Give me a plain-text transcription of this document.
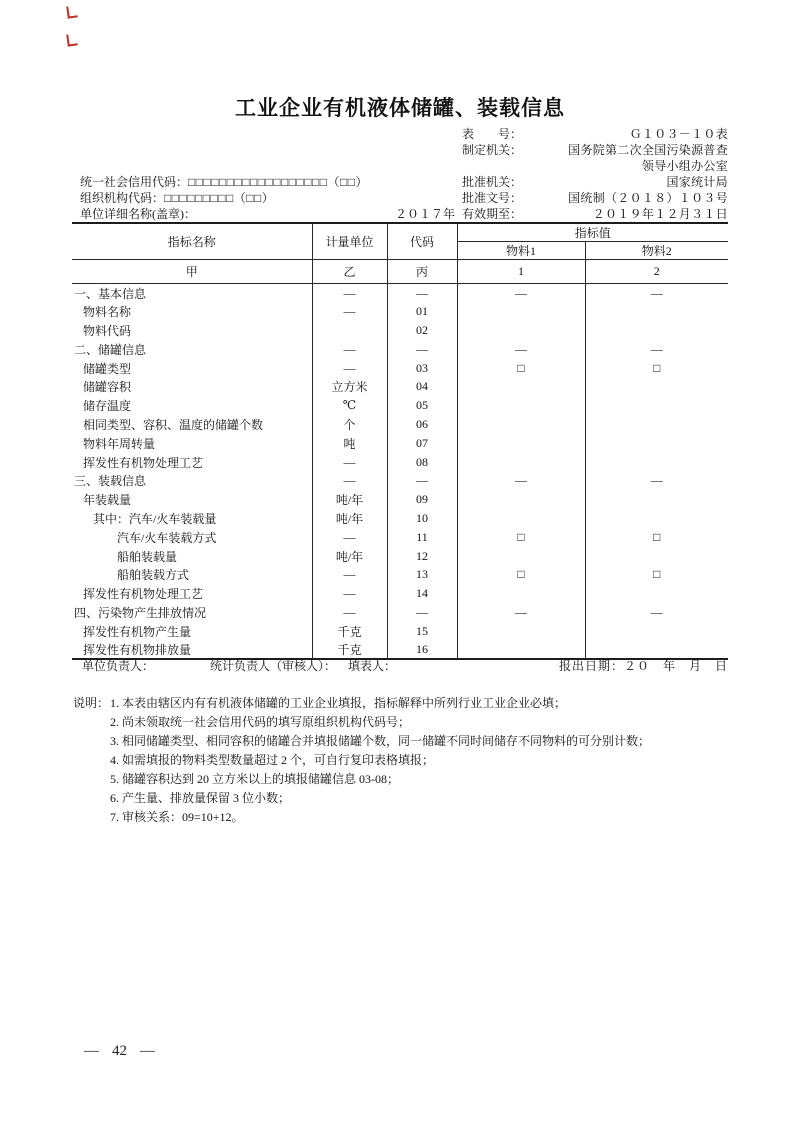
工业企业有机液体储罐、装载信息
表　　号：	Ｇ１０３－１０表
制定机关：	国务院第二次全国污染源普查
领导小组办公室
批准机关：	国家统计局
批准文号：	国统制（２０１８）１０３号
有效期至：	２０１９年１２月３１日
统一社会信用代码：□□□□□□□□□□□□□□□□□□（□□）
组织机构代码：□□□□□□□□□（□□）
单位详细名称(盖章)：	２０１７年
指标名称	计量单位	代码	指标值	
			物料1	物料2
甲	乙	丙	1	2
一、基本信息	—	—	—	—
物料名称	—	01		
物料代码		02		
二、储罐信息	—	—	—	—
储罐类型	—	03	□	□
储罐容积	立方米	04		
储存温度	℃	05		
相同类型、容积、温度的储罐个数	个	06		
物料年周转量	吨	07		
挥发性有机物处理工艺	—	08		
三、装载信息	—	—	—	—
年装载量	吨/年	09		
其中：汽车/火车装载量	吨/年	10		
汽车/火车装载方式	—	11	□	□
船舶装载量	吨/年	12		
船舶装载方式	—	13	□	□
挥发性有机物处理工艺	—	14		
四、污染物产生排放情况	—	—	—	—
挥发性有机物产生量	千克	15		
挥发性有机物排放量	千克	16		
单位负责人：	统计负责人（审核人）： 填表人：	报出日期：２０　年　月　日
说明： 1. 本表由辖区内有有机液体储罐的工业企业填报，指标解释中所列行业工业企业必填；
2. 尚未领取统一社会信用代码的填写原组织机构代码号；
3. 相同储罐类型、相同容积的储罐合并填报储罐个数，同一储罐不同时间储存不同物料的可分别计数；
4. 如需填报的物料类型数量超过 2 个，可自行复印表格填报；
5. 储罐容积达到 20 立方米以上的填报储罐信息 03-08；
6. 产生量、排放量保留 3 位小数；
7. 审核关系：09=10+12。
— 42 —
